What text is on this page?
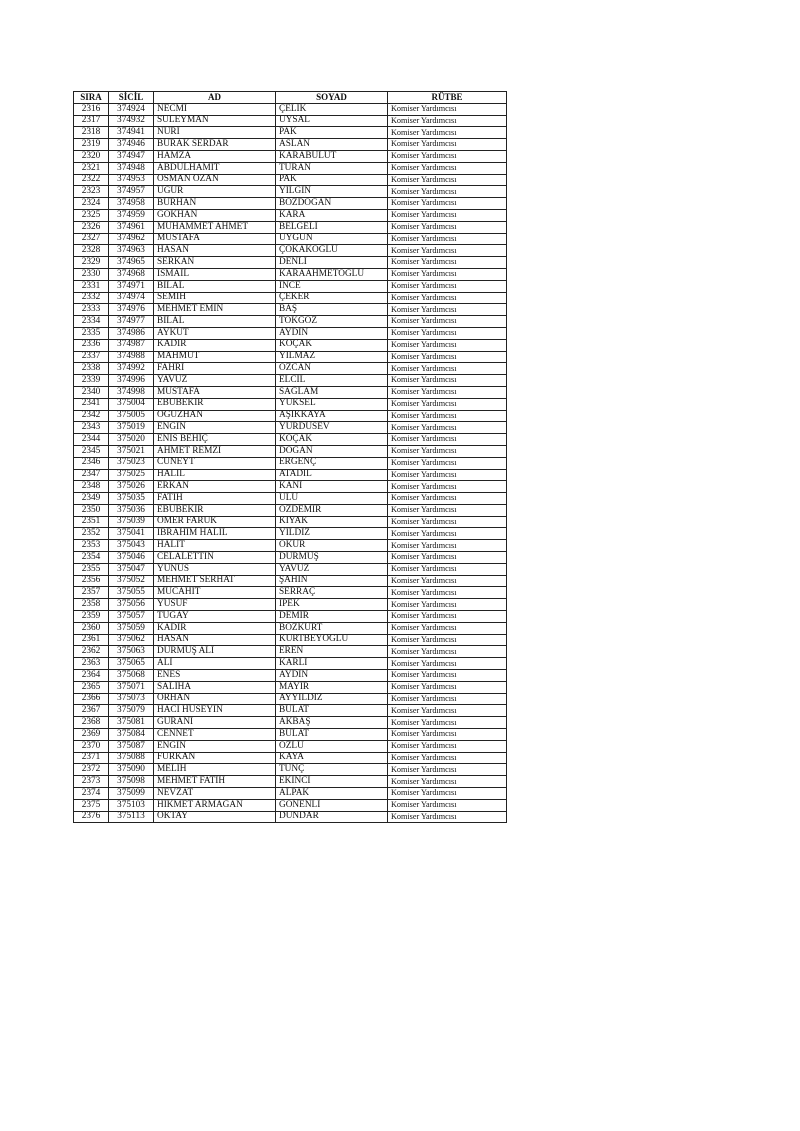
SIRA	SİCİL	AD	SOYAD	RÜTBE
2316	374924	NECMİ	ÇELİK	Komiser Yardımcısı
2317	374932	SÜLEYMAN	UYSAL	Komiser Yardımcısı
2318	374941	NURİ	PAK	Komiser Yardımcısı
2319	374946	BURAK SERDAR	ASLAN	Komiser Yardımcısı
2320	374947	HAMZA	KARABULUT	Komiser Yardımcısı
2321	374948	ABDULHAMİT	TURAN	Komiser Yardımcısı
2322	374953	OSMAN OZAN	PAK	Komiser Yardımcısı
2323	374957	UĞUR	YİLGİN	Komiser Yardımcısı
2324	374958	BURHAN	BOZDOĞAN	Komiser Yardımcısı
2325	374959	GÖKHAN	KARA	Komiser Yardımcısı
2326	374961	MUHAMMET AHMET	BELGELİ	Komiser Yardımcısı
2327	374962	MUSTAFA	UYĞUN	Komiser Yardımcısı
2328	374963	HASAN	ÇOKAKOĞLU	Komiser Yardımcısı
2329	374965	SERKAN	DENLİ	Komiser Yardımcısı
2330	374968	İSMAİL	KARAAHMETOĞLU	Komiser Yardımcısı
2331	374971	BİLAL	İNCE	Komiser Yardımcısı
2332	374974	SEMİH	ÇEKER	Komiser Yardımcısı
2333	374976	MEHMET EMİN	BAŞ	Komiser Yardımcısı
2334	374977	BİLAL	TOKGÖZ	Komiser Yardımcısı
2335	374986	AYKUT	AYDIN	Komiser Yardımcısı
2336	374987	KADİR	KOÇAK	Komiser Yardımcısı
2337	374988	MAHMUT	YILMAZ	Komiser Yardımcısı
2338	374992	FAHRİ	ÖZCAN	Komiser Yardımcısı
2339	374996	YAVUZ	ELCİL	Komiser Yardımcısı
2340	374998	MUSTAFA	SAĞLAM	Komiser Yardımcısı
2341	375004	EBUBEKİR	YÜKSEL	Komiser Yardımcısı
2342	375005	OĞUZHAN	AŞIKKAYA	Komiser Yardımcısı
2343	375019	ENGİN	YURDUSEV	Komiser Yardımcısı
2344	375020	ENİS BEHİÇ	KOÇAK	Komiser Yardımcısı
2345	375021	AHMET REMZİ	DOĞAN	Komiser Yardımcısı
2346	375023	CÜNEYT	ERGENÇ	Komiser Yardımcısı
2347	375025	HALİL	ATADİL	Komiser Yardımcısı
2348	375026	ERKAN	KANİ	Komiser Yardımcısı
2349	375035	FATİH	ULU	Komiser Yardımcısı
2350	375036	EBUBEKİR	ÖZDEMİR	Komiser Yardımcısı
2351	375039	ÖMER FARUK	KIYAK	Komiser Yardımcısı
2352	375041	İBRAHİM HALİL	YILDIZ	Komiser Yardımcısı
2353	375043	HALİT	OKUR	Komiser Yardımcısı
2354	375046	CELALETTİN	DURMUŞ	Komiser Yardımcısı
2355	375047	YUNUS	YAVUZ	Komiser Yardımcısı
2356	375052	MEHMET SERHAT	ŞAHİN	Komiser Yardımcısı
2357	375055	MÜCAHİT	SERRAÇ	Komiser Yardımcısı
2358	375056	YUSUF	İPEK	Komiser Yardımcısı
2359	375057	TUĞAY	DEMİR	Komiser Yardımcısı
2360	375059	KADİR	BOZKURT	Komiser Yardımcısı
2361	375062	HASAN	KURTBEYOĞLU	Komiser Yardımcısı
2362	375063	DURMUŞ ALİ	EREN	Komiser Yardımcısı
2363	375065	ALİ	KARLI	Komiser Yardımcısı
2364	375068	ENES	AYDIN	Komiser Yardımcısı
2365	375071	SALİHA	MAYIR	Komiser Yardımcısı
2366	375073	ORHAN	AYYILDIZ	Komiser Yardımcısı
2367	375079	HACI HÜSEYİN	BULAT	Komiser Yardımcısı
2368	375081	GÜRANİ	AKBAŞ	Komiser Yardımcısı
2369	375084	CENNET	BULAT	Komiser Yardımcısı
2370	375087	ENGİN	ÖZLÜ	Komiser Yardımcısı
2371	375088	FURKAN	KAYA	Komiser Yardımcısı
2372	375090	MELİH	TUNÇ	Komiser Yardımcısı
2373	375098	MEHMET FATİH	EKİNCİ	Komiser Yardımcısı
2374	375099	NEVZAT	ALPAK	Komiser Yardımcısı
2375	375103	HİKMET ARMAĞAN	GÖNENLİ	Komiser Yardımcısı
2376	375113	OKTAY	DÜNDAR	Komiser Yardımcısı
